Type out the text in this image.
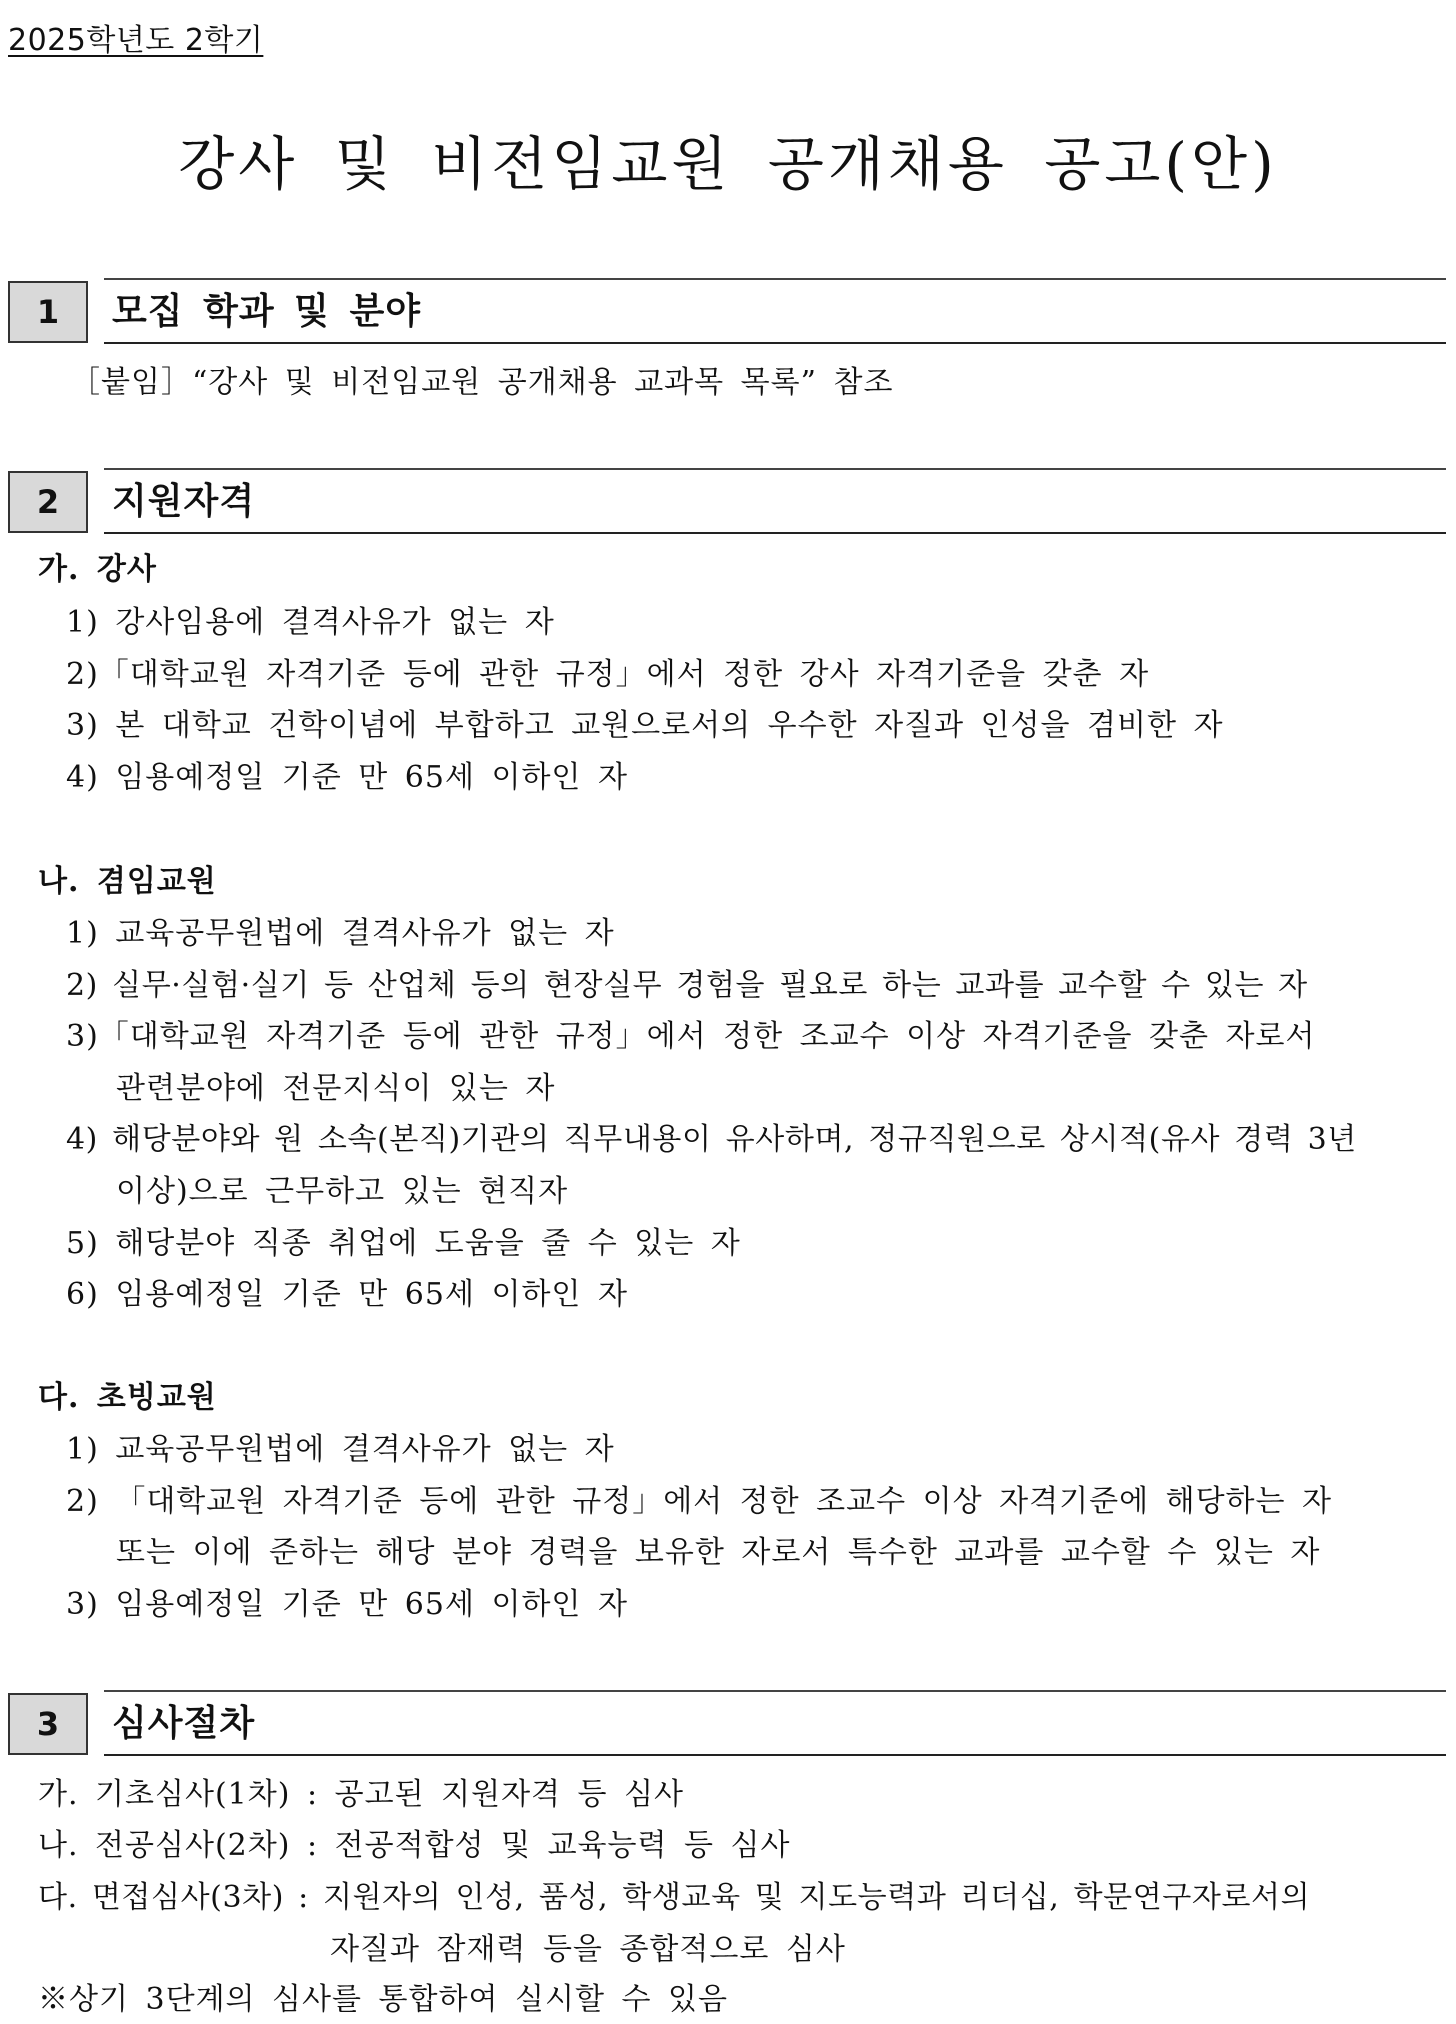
2025학년도 2학기
강사 및 비전임교원 공개채용 공고(안)
1	모집 학과 및 분야
［붙임］“강사 및 비전임교원 공개채용 교과목 목록” 참조
2	지원자격
가. 강사
1) 강사임용에 결격사유가 없는 자
2)「대학교원 자격기준 등에 관한 규정」에서 정한 강사 자격기준을 갖춘 자
3) 본 대학교 건학이념에 부합하고 교원으로서의 우수한 자질과 인성을 겸비한 자
4) 임용예정일 기준 만 65세 이하인 자
나. 겸임교원
1) 교육공무원법에 결격사유가 없는 자
2) 실무·실험·실기 등 산업체 등의 현장실무 경험을 필요로 하는 교과를 교수할 수 있는 자
3)「대학교원 자격기준 등에 관한 규정」에서 정한 조교수 이상 자격기준을 갖춘 자로서
관련분야에 전문지식이 있는 자
4) 해당분야와 원 소속(본직)기관의 직무내용이 유사하며, 정규직원으로 상시적(유사 경력 3년
이상)으로 근무하고 있는 현직자
5) 해당분야 직종 취업에 도움을 줄 수 있는 자
6) 임용예정일 기준 만 65세 이하인 자
다. 초빙교원
1) 교육공무원법에 결격사유가 없는 자
2) 「대학교원 자격기준 등에 관한 규정」에서 정한 조교수 이상 자격기준에 해당하는 자
또는 이에 준하는 해당 분야 경력을 보유한 자로서 특수한 교과를 교수할 수 있는 자
3) 임용예정일 기준 만 65세 이하인 자
3	심사절차
가. 기초심사(1차) : 공고된 지원자격 등 심사
나. 전공심사(2차) : 전공적합성 및 교육능력 등 심사
다. 면접심사(3차) : 지원자의 인성, 품성, 학생교육 및 지도능력과 리더십, 학문연구자로서의
자질과 잠재력 등을 종합적으로 심사
※상기 3단계의 심사를 통합하여 실시할 수 있음
